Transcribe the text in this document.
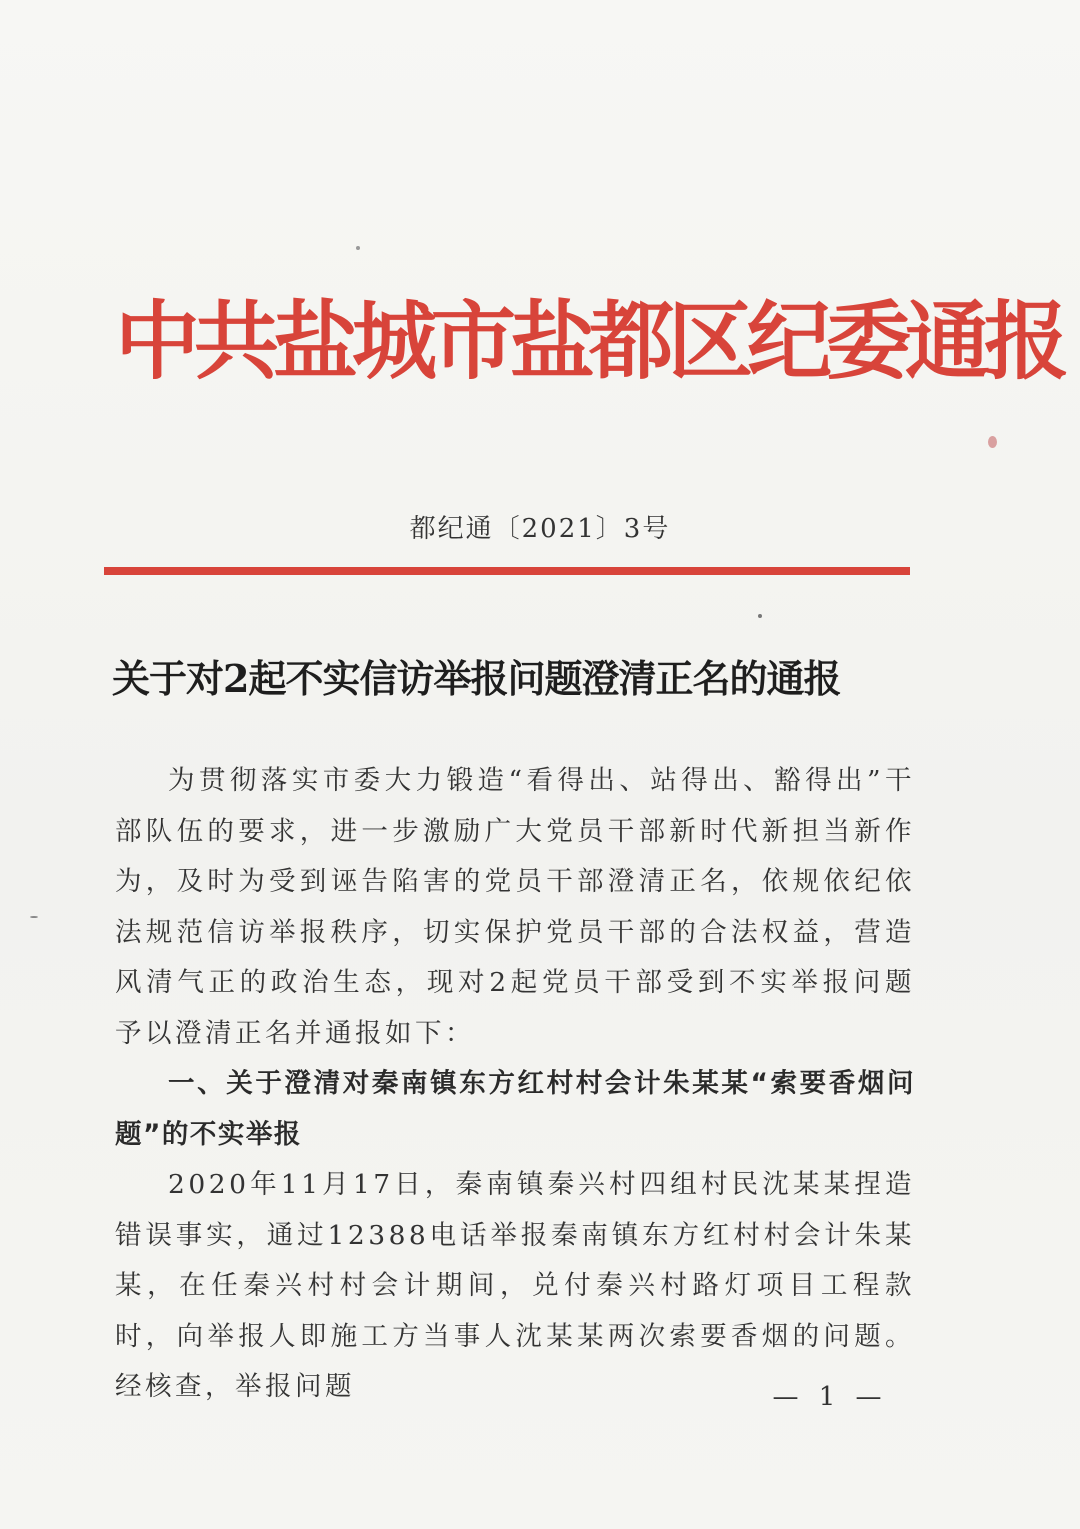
中共盐城市盐都区纪委通报
都纪通〔2021〕3号
关于对2起不实信访举报问题澄清正名的通报

为贯彻落实市委大力锻造“看得出、站得出、豁得出”干部队伍的要求，进一步激励广大党员干部新时代新担当新作为，及时为受到诬告陷害的党员干部澄清正名，依规依纪依法规范信访举报秩序，切实保护党员干部的合法权益，营造风清气正的政治生态，现对2起党员干部受到不实举报问题予以澄清正名并通报如下：

一、关于澄清对秦南镇东方红村村会计朱某某“索要香烟问题”的不实举报

2020年11月17日，秦南镇秦兴村四组村民沈某某捏造错误事实，通过12388电话举报秦南镇东方红村村会计朱某某，在任秦兴村村会计期间，兑付秦兴村路灯项目工程款时，向举报人即施工方当事人沈某某两次索要香烟的问题。经核查，举报问题	— 1 —
